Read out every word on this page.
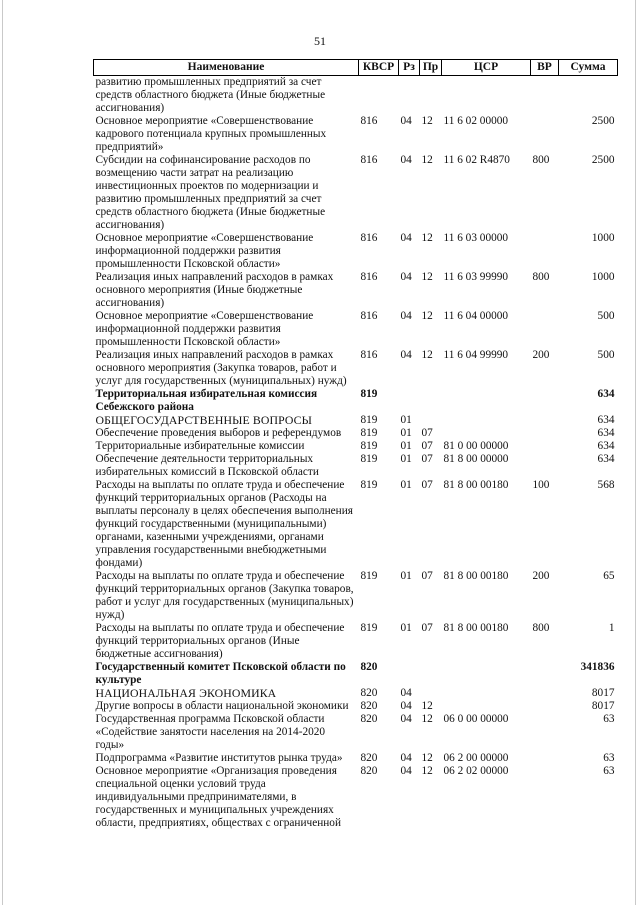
51
Наименование	КВСР	Рз	Пр	ЦСР	ВР	Сумма
развитию промышленных предприятий за счет средств областного бюджета (Иные бюджетные ассигнования)						
Основное мероприятие «Совершенствование кадрового потенциала крупных промышленных предприятий»	816	04	12	11 6 02 00000		2500
Субсидии на софинансирование расходов по возмещению части затрат на реализацию инвестиционных проектов по модернизации и развитию промышленных предприятий за счет средств областного бюджета (Иные бюджетные ассигнования)	816	04	12	11 6 02 R4870	800	2500
Основное мероприятие «Совершенствование информационной поддержки развития промышленности Псковской области»	816	04	12	11 6 03 00000		1000
Реализация иных направлений расходов в рамках основного мероприятия (Иные бюджетные ассигнования)	816	04	12	11 6 03 99990	800	1000
Основное мероприятие «Совершенствование информационной поддержки развития промышленности Псковской области»	816	04	12	11 6 04 00000		500
Реализация иных направлений расходов в рамках основного мероприятия (Закупка товаров, работ и услуг для государственных (муниципальных) нужд)	816	04	12	11 6 04 99990	200	500
Территориальная избирательная комиссия Себежского района	819					634
ОБЩЕГОСУДАРСТВЕННЫЕ ВОПРОСЫ	819	01				634
Обеспечение проведения выборов и референдумов	819	01	07			634
Территориальные избирательные комиссии	819	01	07	81 0 00 00000		634
Обеспечение деятельности территориальных избирательных комиссий в Псковской области	819	01	07	81 8 00 00000		634
Расходы на выплаты по оплате труда и обеспечение функций территориальных органов (Расходы на выплаты персоналу в целях обеспечения выполнения функций государственными (муниципальными) органами, казенными учреждениями, органами управления государственными внебюджетными фондами)	819	01	07	81 8 00 00180	100	568
Расходы на выплаты по оплате труда и обеспечение функций территориальных органов (Закупка товаров, работ и услуг для государственных (муниципальных) нужд)	819	01	07	81 8 00 00180	200	65
Расходы на выплаты по оплате труда и обеспечение функций территориальных органов (Иные бюджетные ассигнования)	819	01	07	81 8 00 00180	800	1
Государственный комитет Псковской области по культуре	820					341836
НАЦИОНАЛЬНАЯ ЭКОНОМИКА	820	04				8017
Другие вопросы в области национальной экономики	820	04	12			8017
Государственная программа Псковской области «Содействие занятости населения на 2014-2020 годы»	820	04	12	06 0 00 00000		63
Подпрограмма «Развитие институтов рынка труда»	820	04	12	06 2 00 00000		63
Основное мероприятие «Организация проведения специальной оценки условий труда индивидуальными предпринимателями, в государственных и муниципальных учреждениях области, предприятиях, обществах с ограниченной	820	04	12	06 2 02 00000		63
